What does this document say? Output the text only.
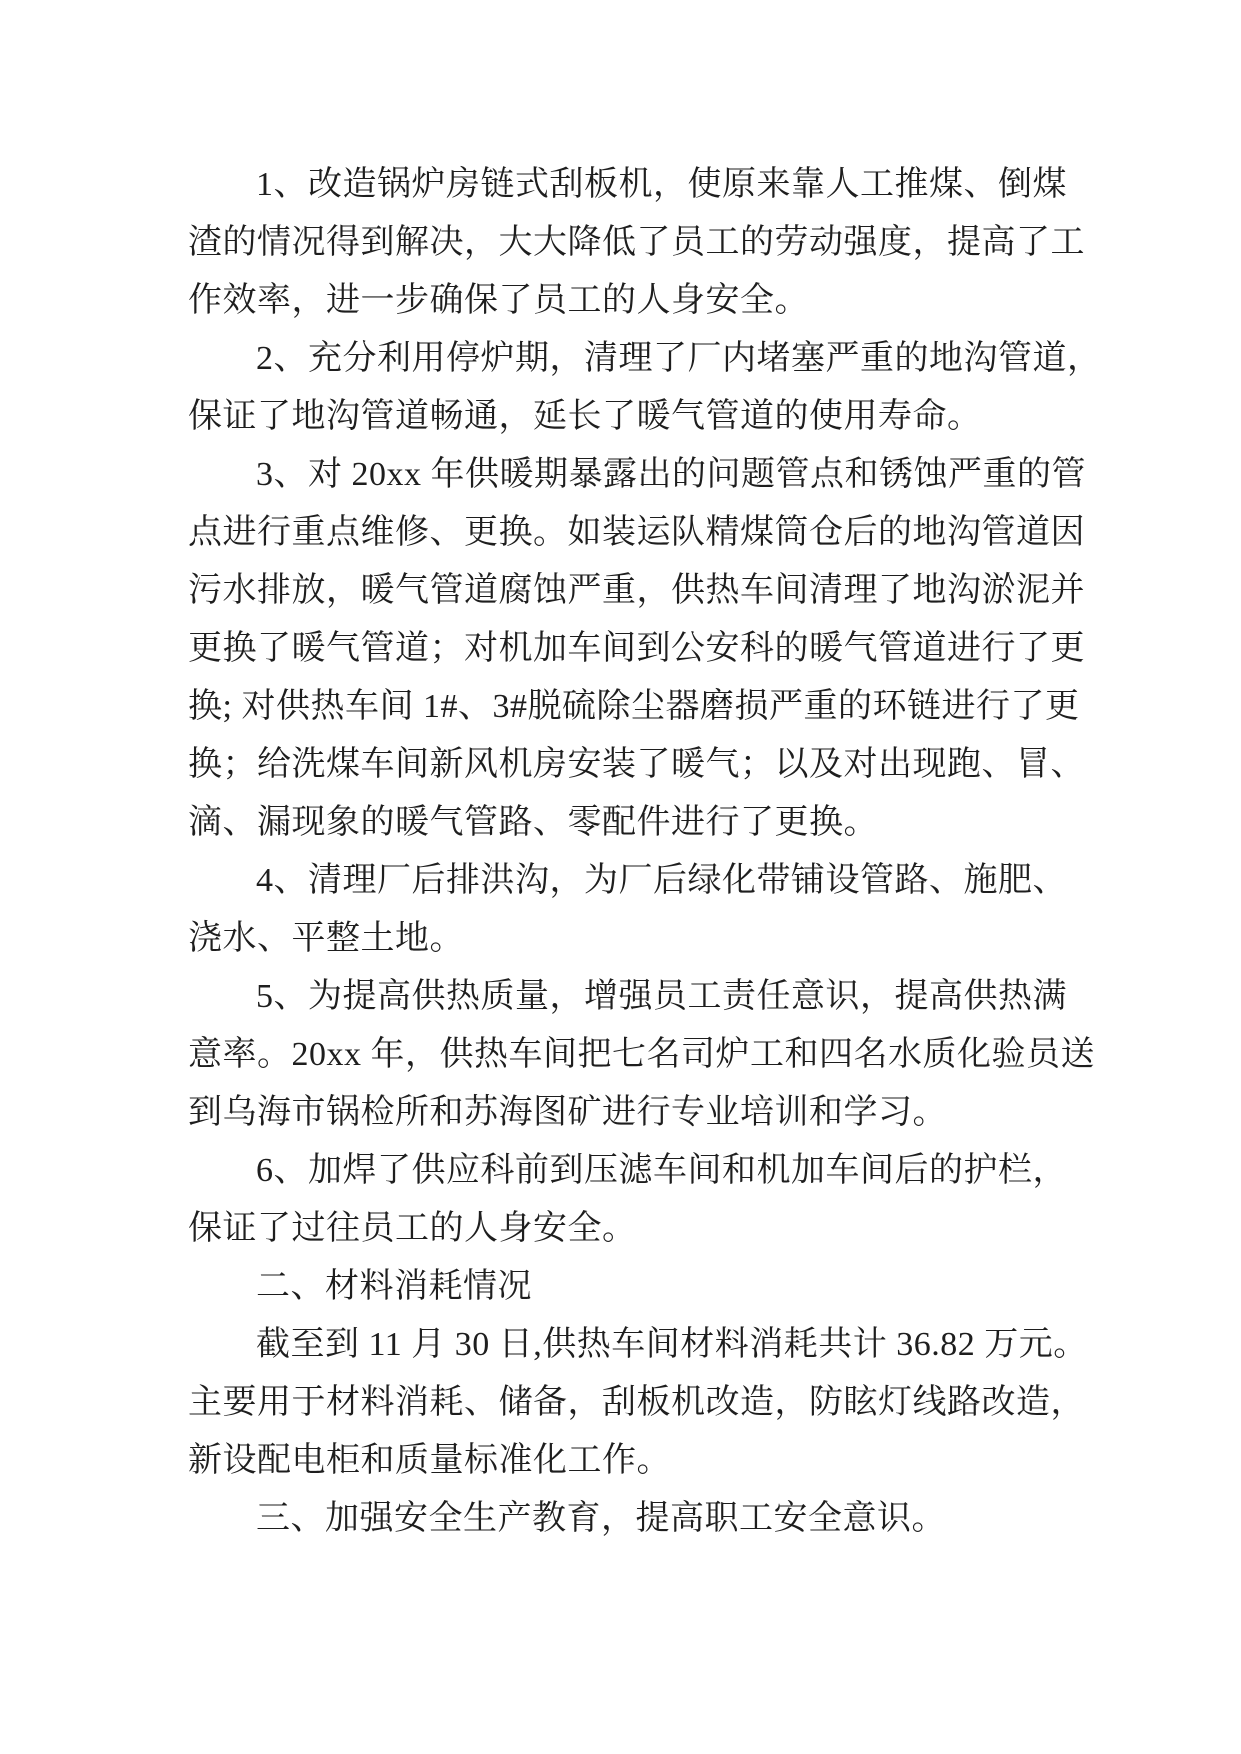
1、改造锅炉房链式刮板机，使原来靠人工推煤、倒煤
渣的情况得到解决，大大降低了员工的劳动强度，提高了工
作效率，进一步确保了员工的人身安全。

2、充分利用停炉期，清理了厂内堵塞严重的地沟管道，
保证了地沟管道畅通，延长了暖气管道的使用寿命。

3、对 20xx 年供暖期暴露出的问题管点和锈蚀严重的管
点进行重点维修、更换。如装运队精煤筒仓后的地沟管道因
污水排放，暖气管道腐蚀严重，供热车间清理了地沟淤泥并
更换了暖气管道；对机加车间到公安科的暖气管道进行了更
换; 对供热车间 1#、3#脱硫除尘器磨损严重的环链进行了更
换；给洗煤车间新风机房安装了暖气；以及对出现跑、冒、
滴、漏现象的暖气管路、零配件进行了更换。

4、清理厂后排洪沟，为厂后绿化带铺设管路、施肥、
浇水、平整土地。

5、为提高供热质量，增强员工责任意识，提高供热满
意率。20xx 年，供热车间把七名司炉工和四名水质化验员送
到乌海市锅检所和苏海图矿进行专业培训和学习。

6、加焊了供应科前到压滤车间和机加车间后的护栏，
保证了过往员工的人身安全。

二、材料消耗情况

截至到 11 月 30 日,供热车间材料消耗共计 36.82 万元。
主要用于材料消耗、储备，刮板机改造，防眩灯线路改造，
新设配电柜和质量标准化工作。

三、加强安全生产教育，提高职工安全意识。
